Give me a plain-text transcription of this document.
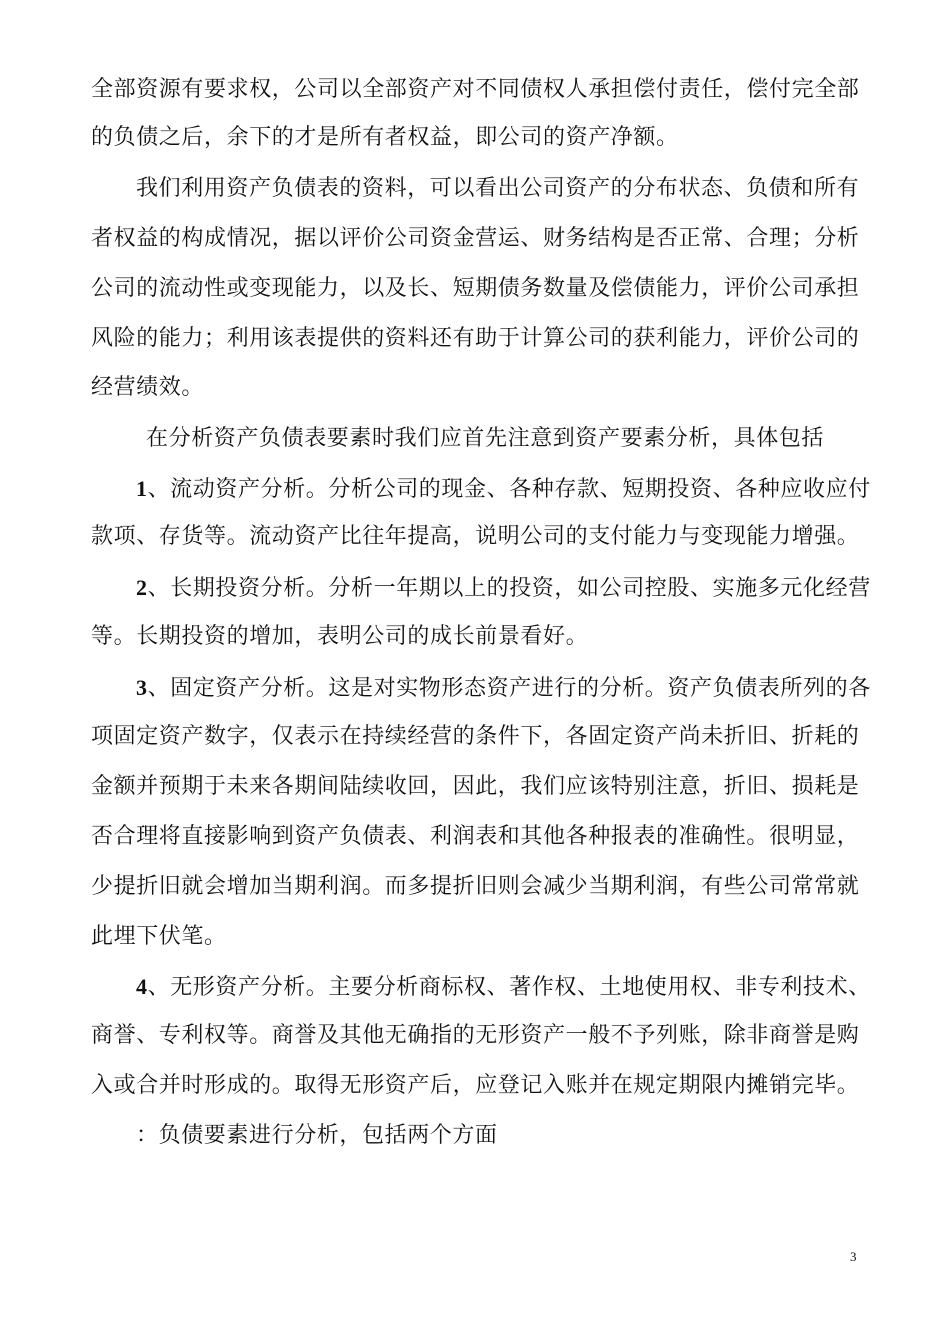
全部资源有要求权，公司以全部资产对不同债权人承担偿付责任，偿付完全部
的负债之后，余下的才是所有者权益，即公司的资产净额。
我们利用资产负债表的资料，可以看出公司资产的分布状态、负债和所有
者权益的构成情况，据以评价公司资金营运、财务结构是否正常、合理；分析
公司的流动性或变现能力，以及长、短期债务数量及偿债能力，评价公司承担
风险的能力；利用该表提供的资料还有助于计算公司的获利能力，评价公司的
经营绩效。
在分析资产负债表要素时我们应首先注意到资产要素分析，具体包括
1、流动资产分析。分析公司的现金、各种存款、短期投资、各种应收应付
款项、存货等。流动资产比往年提高，说明公司的支付能力与变现能力增强。
2、长期投资分析。分析一年期以上的投资，如公司控股、实施多元化经营
等。长期投资的增加，表明公司的成长前景看好。
3、固定资产分析。这是对实物形态资产进行的分析。资产负债表所列的各
项固定资产数字，仅表示在持续经营的条件下，各固定资产尚未折旧、折耗的
金额并预期于未来各期间陆续收回，因此，我们应该特别注意，折旧、损耗是
否合理将直接影响到资产负债表、利润表和其他各种报表的准确性。很明显，
少提折旧就会增加当期利润。而多提折旧则会减少当期利润，有些公司常常就
此埋下伏笔。
4、无形资产分析。主要分析商标权、著作权、土地使用权、非专利技术、
商誉、专利权等。商誉及其他无确指的无形资产一般不予列账，除非商誉是购
入或合并时形成的。取得无形资产后，应登记入账并在规定期限内摊销完毕。
：负债要素进行分析，包括两个方面
3
